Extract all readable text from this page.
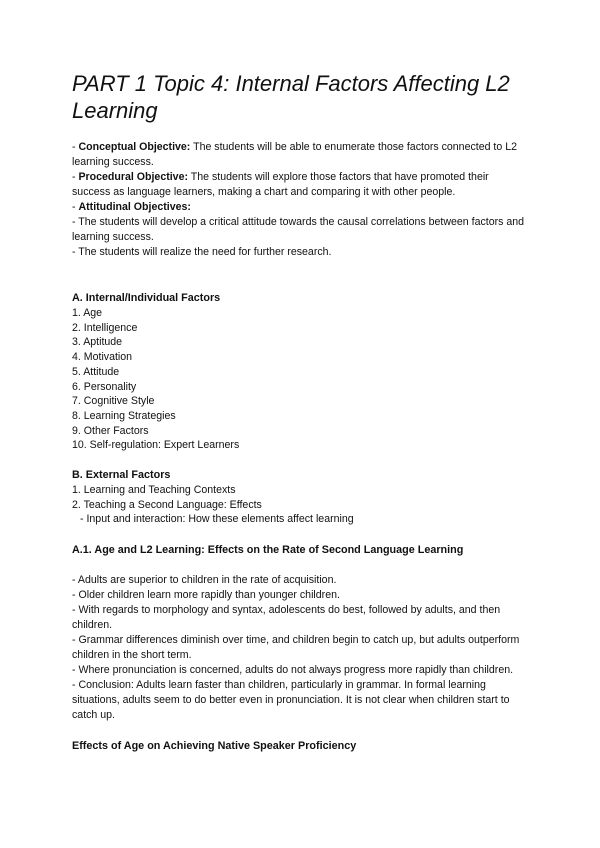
PART 1 Topic 4: Internal Factors Affecting L2 Learning

- Conceptual Objective: The students will be able to enumerate those factors connected to L2 learning success.

- Procedural Objective: The students will explore those factors that have promoted their success as language learners, making a chart and comparing it with other people.

- Attitudinal Objectives:

- The students will develop a critical attitude towards the causal correlations between factors and learning success.

- The students will realize the need for further research.

A. Internal/Individual Factors

1. Age
2. Intelligence
3. Aptitude
4. Motivation
5. Attitude
6. Personality
7. Cognitive Style
8. Learning Strategies
9. Other Factors
10. Self-regulation: Expert Learners

B. External Factors

1. Learning and Teaching Contexts
2. Teaching a Second Language: Effects
- Input and interaction: How these elements affect learning

A.1. Age and L2 Learning: Effects on the Rate of Second Language Learning

- Adults are superior to children in the rate of acquisition.

- Older children learn more rapidly than younger children.

- With regards to morphology and syntax, adolescents do best, followed by adults, and then children.

- Grammar differences diminish over time, and children begin to catch up, but adults outperform children in the short term.

- Where pronunciation is concerned, adults do not always progress more rapidly than children.

- Conclusion: Adults learn faster than children, particularly in grammar. In formal learning situations, adults seem to do better even in pronunciation. It is not clear when children start to catch up.

Effects of Age on Achieving Native Speaker Proficiency
